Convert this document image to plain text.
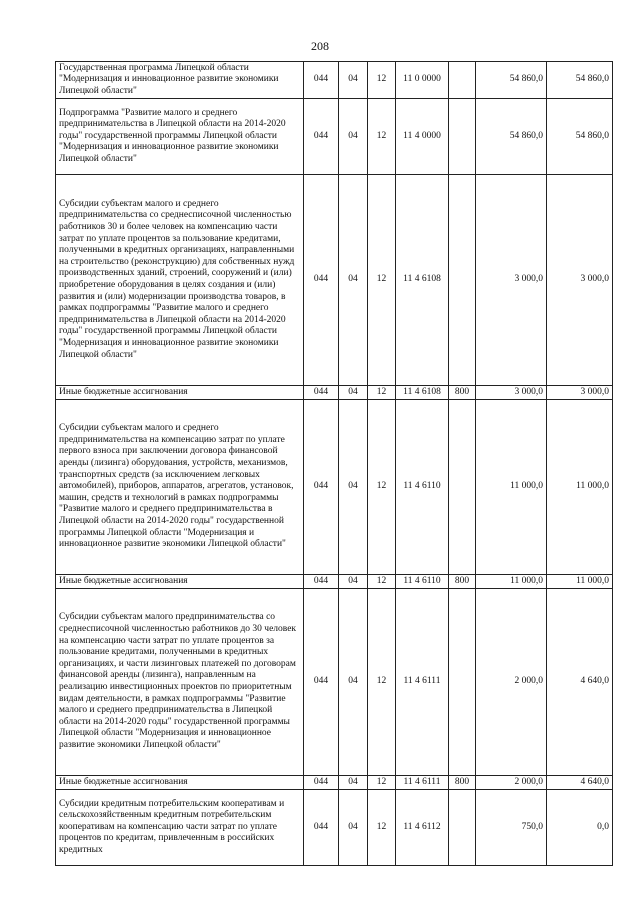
208
Государственная программа Липецкой области "Модернизация и инновационное развитие экономики Липецкой области"	044	04	12	11 0 0000		54 860,0	54 860,0
Подпрограмма "Развитие малого и среднего предпринимательства в Липецкой области на 2014-2020 годы" государственной программы Липецкой области "Модернизация и инновационное развитие экономики Липецкой области"	044	04	12	11 4 0000		54 860,0	54 860,0
Субсидии субъектам малого и среднего предпринимательства со среднесписочной численностью работников 30 и более человек на компенсацию части затрат по уплате процентов за пользование кредитами, полученными в кредитных организациях, направленными на строительство (реконструкцию) для собственных нужд производственных зданий, строений, сооружений и (или) приобретение оборудования в целях создания и (или) развития и (или) модернизации производства товаров, в рамках подпрограммы "Развитие малого и среднего предпринимательства в Липецкой области на 2014-2020 годы" государственной программы Липецкой области "Модернизация и инновационное развитие экономики Липецкой области"	044	04	12	11 4 6108		3 000,0	3 000,0
Иные бюджетные ассигнования	044	04	12	11 4 6108	800	3 000,0	3 000,0
Субсидии субъектам малого и среднего предпринимательства на компенсацию затрат по уплате первого взноса при заключении договора финансовой аренды (лизинга) оборудования, устройств, механизмов, транспортных средств (за исключением легковых автомобилей), приборов, аппаратов, агрегатов, установок, машин, средств и технологий в рамках подпрограммы "Развитие малого и среднего предпринимательства в Липецкой области на 2014-2020 годы" государственной программы Липецкой области "Модернизация и инновационное развитие экономики Липецкой области"	044	04	12	11 4 6110		11 000,0	11 000,0
Иные бюджетные ассигнования	044	04	12	11 4 6110	800	11 000,0	11 000,0
Субсидии субъектам малого предпринимательства со среднесписочной численностью работников до 30 человек на компенсацию части затрат по уплате процентов за пользование кредитами, полученными в кредитных организациях, и части лизинговых платежей по договорам финансовой аренды (лизинга), направленным на реализацию инвестиционных проектов по приоритетным видам деятельности, в рамках подпрограммы "Развитие малого и среднего предпринимательства в Липецкой области на 2014-2020 годы" государственной программы Липецкой области "Модернизация и инновационное развитие экономики Липецкой области"	044	04	12	11 4 6111		2 000,0	4 640,0
Иные бюджетные ассигнования	044	04	12	11 4 6111	800	2 000,0	4 640,0
Субсидии кредитным потребительским кооперативам и сельскохозяйственным кредитным потребительским кооперативам на компенсацию части затрат по уплате процентов по кредитам, привлеченным в российских кредитных	044	04	12	11 4 6112		750,0	0,0
